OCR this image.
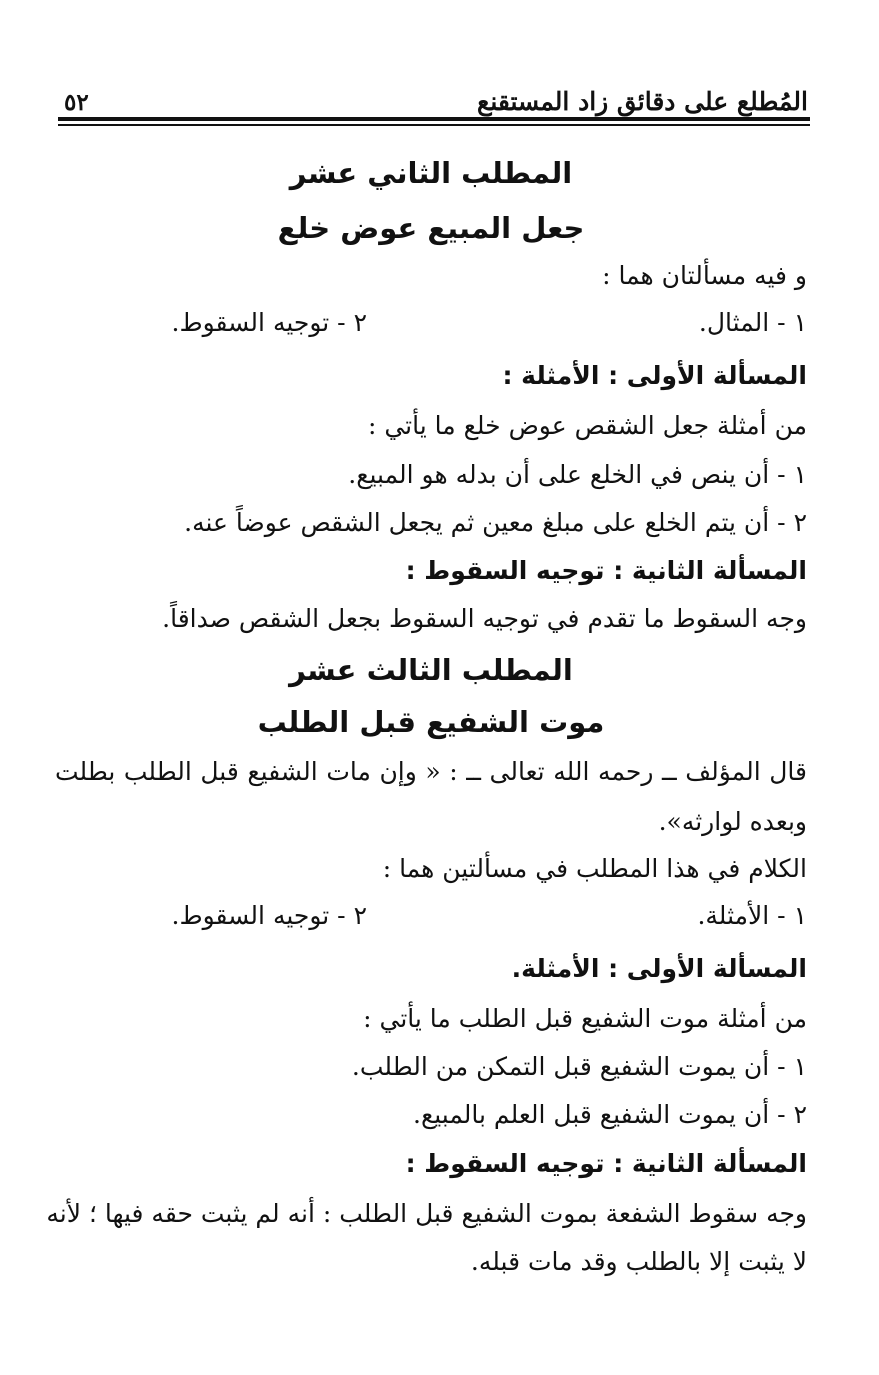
المُطلع على دقائق زاد المستقنع
٥٢
المطلب الثاني عشر
جعل المبيع عوض خلع
و فيه مسألتان هما :
١ - المثال.
٢ - توجيه السقوط.
المسألة الأولى : الأمثلة :
من أمثلة جعل الشقص عوض خلع ما يأتي :
١ - أن ينص في الخلع على أن بدله هو المبيع.
٢ - أن يتم الخلع على مبلغ معين ثم يجعل الشقص عوضاً عنه.
المسألة الثانية : توجيه السقوط :
وجه السقوط ما تقدم في توجيه السقوط بجعل الشقص صداقاً.
المطلب الثالث عشر
موت الشفيع قبل الطلب
قال المؤلف ــ رحمه الله تعالى ــ : « وإن مات الشفيع قبل الطلب بطلت
وبعده لوارثه».
الكلام في هذا المطلب في مسألتين هما :
١ - الأمثلة.
٢ - توجيه السقوط.
المسألة الأولى : الأمثلة.
من أمثلة موت الشفيع قبل الطلب ما يأتي :
١ - أن يموت الشفيع قبل التمكن من الطلب.
٢ - أن يموت الشفيع قبل العلم بالمبيع.
المسألة الثانية : توجيه السقوط :
وجه سقوط الشفعة بموت الشفيع قبل الطلب : أنه لم يثبت حقه فيها ؛ لأنه
لا يثبت إلا بالطلب وقد مات قبله.
